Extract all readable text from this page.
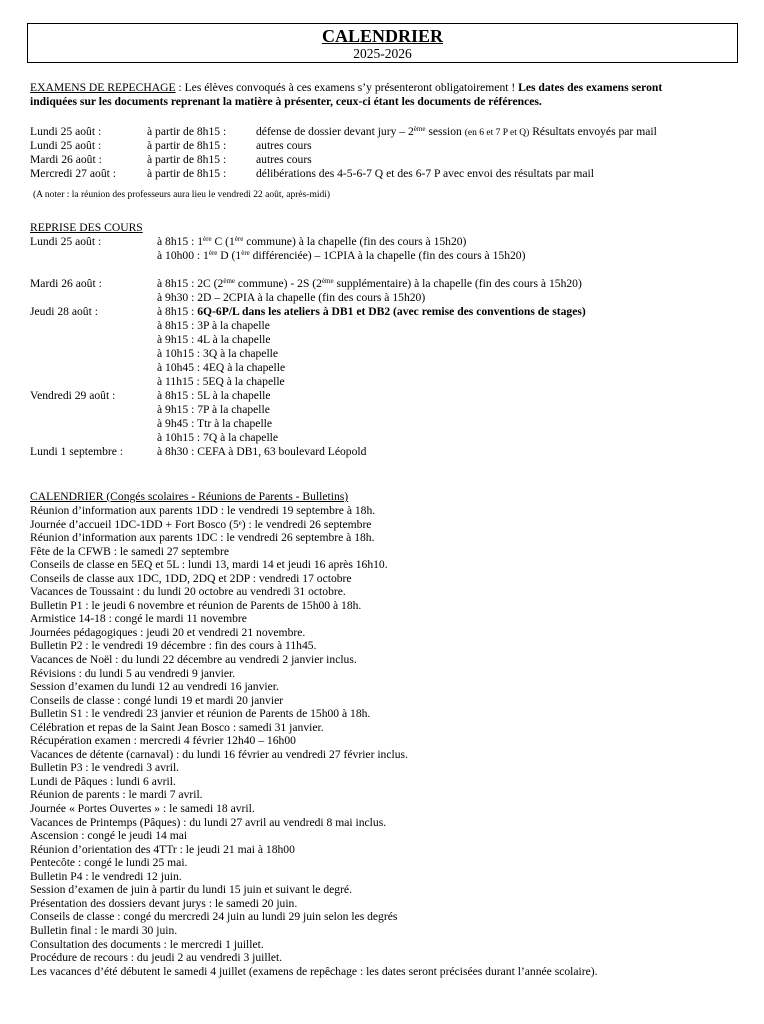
CALENDRIER
2025-2026
EXAMENS DE REPECHAGE : Les élèves convoqués à ces examens s’y présenteront obligatoirement ! Les dates des examens seront
indiquées sur les documents reprenant la matière à présenter, ceux-ci étant les documents de références.
Lundi 25 août :	à partir de 8h15 :	défense de dossier devant jury – 2ème session (en 6 et 7 P et Q) Résultats envoyés par mail
Lundi 25 août :	à partir de 8h15 :	autres cours
Mardi 26 août :	à partir de 8h15 :	autres cours
Mercredi 27 août :	à partir de 8h15 :	délibérations des 4-5-6-7 Q et des 6-7 P avec envoi des résultats par mail
(A noter : la réunion des professeurs aura lieu le vendredi 22 août, après-midi)
REPRISE DES COURS
Lundi 25 août :	à 8h15 : 1ère C (1ère commune) à la chapelle (fin des cours à 15h20)
à 10h00 : 1ère D (1ère différenciée) – 1CPIA à la chapelle (fin des cours à 15h20)
Mardi 26 août :	à 8h15 : 2C (2ème commune) - 2S (2ème supplémentaire) à la chapelle (fin des cours à 15h20)
à 9h30 : 2D – 2CPIA à la chapelle (fin des cours à 15h20)
Jeudi 28 août :	à 8h15 : 6Q-6P/L dans les ateliers à DB1 et DB2 (avec remise des conventions de stages)
à 8h15 : 3P à la chapelle
à 9h15 : 4L à la chapelle
à 10h15 : 3Q à la chapelle
à 10h45 : 4EQ à la chapelle
à 11h15 : 5EQ à la chapelle
Vendredi 29 août :	à 8h15 : 5L à la chapelle
à 9h15 : 7P à la chapelle
à 9h45 : Ttr à la chapelle
à 10h15 : 7Q à la chapelle
Lundi 1 septembre :	à 8h30 : CEFA à DB1, 63 boulevard Léopold
CALENDRIER (Congés scolaires - Réunions de Parents - Bulletins)
Réunion d’information aux parents 1DD : le vendredi 19 septembre à 18h.
Journée d’accueil 1DC-1DD + Fort Bosco (5ᵉ) : le vendredi 26 septembre
Réunion d’information aux parents 1DC : le vendredi 26 septembre à 18h.
Fête de la CFWB : le samedi 27 septembre
Conseils de classe en 5EQ et 5L : lundi 13, mardi 14 et jeudi 16 après 16h10.
Conseils de classe aux 1DC, 1DD, 2DQ et 2DP : vendredi 17 octobre
Vacances de Toussaint : du lundi 20 octobre au vendredi 31 octobre.
Bulletin P1 : le jeudi 6 novembre et réunion de Parents de 15h00 à 18h.
Armistice 14-18 : congé le mardi 11 novembre
Journées pédagogiques : jeudi 20 et vendredi 21 novembre.
Bulletin P2 : le vendredi 19 décembre : fin des cours à 11h45.
Vacances de Noël : du lundi 22 décembre au vendredi 2 janvier inclus.
Révisions : du lundi 5 au vendredi 9 janvier.
Session d’examen du lundi 12 au vendredi 16 janvier.
Conseils de classe : congé lundi 19 et mardi 20 janvier
Bulletin S1 : le vendredi 23 janvier et réunion de Parents de 15h00 à 18h.
Célébration et repas de la Saint Jean Bosco : samedi 31 janvier.
Récupération examen : mercredi 4 février 12h40 – 16h00
Vacances de détente (carnaval) : du lundi 16 février au vendredi 27 février inclus.
Bulletin P3 : le vendredi 3 avril.
Lundi de Pâques : lundi 6 avril.
Réunion de parents : le mardi 7 avril.
Journée « Portes Ouvertes » : le samedi 18 avril.
Vacances de Printemps (Pâques) : du lundi 27 avril au vendredi 8 mai inclus.
Ascension : congé le jeudi 14 mai
Réunion d’orientation des 4TTr : le jeudi 21 mai à 18h00
Pentecôte : congé le lundi 25 mai.
Bulletin P4 : le vendredi 12 juin.
Session d’examen de juin à partir du lundi 15 juin et suivant le degré.
Présentation des dossiers devant jurys : le samedi 20 juin.
Conseils de classe : congé du mercredi 24 juin au lundi 29 juin selon les degrés
Bulletin final : le mardi 30 juin.
Consultation des documents : le mercredi 1 juillet.
Procédure de recours : du jeudi 2 au vendredi 3 juillet.
Les vacances d’été débutent le samedi 4 juillet (examens de repêchage : les dates seront précisées durant l’année scolaire).
